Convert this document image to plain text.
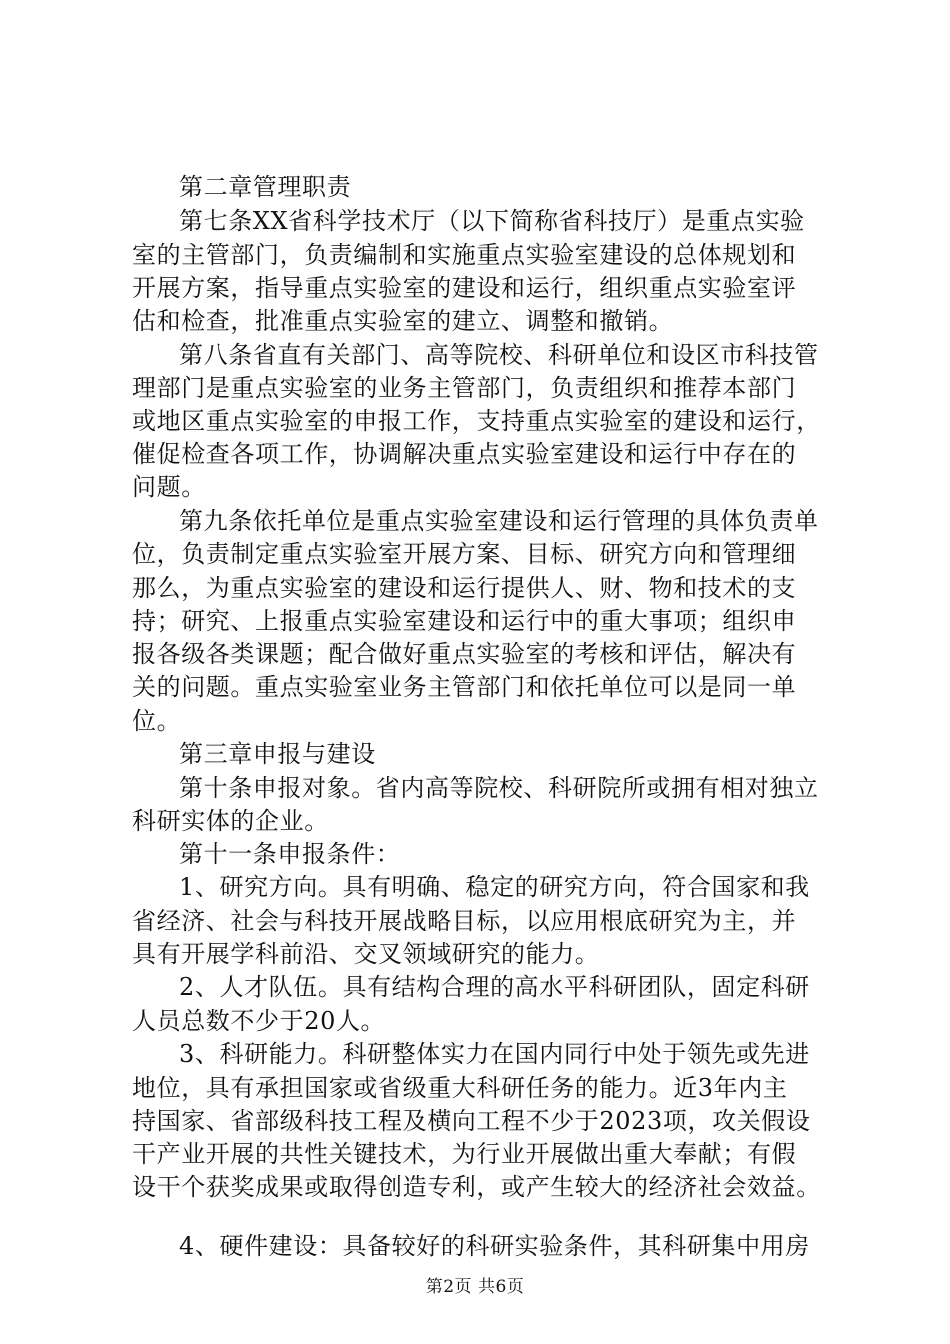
第二章管理职责
第七条XX省科学技术厅（以下简称省科技厅）是重点实验
室的主管部门，负责编制和实施重点实验室建设的总体规划和
开展方案，指导重点实验室的建设和运行，组织重点实验室评
估和检查，批准重点实验室的建立、调整和撤销。
第八条省直有关部门、高等院校、科研单位和设区市科技管
理部门是重点实验室的业务主管部门，负责组织和推荐本部门
或地区重点实验室的申报工作，支持重点实验室的建设和运行，
催促检查各项工作，协调解决重点实验室建设和运行中存在的
问题。
第九条依托单位是重点实验室建设和运行管理的具体负责单
位，负责制定重点实验室开展方案、目标、研究方向和管理细
那么，为重点实验室的建设和运行提供人、财、物和技术的支
持；研究、上报重点实验室建设和运行中的重大事项；组织申
报各级各类课题；配合做好重点实验室的考核和评估，解决有
关的问题。重点实验室业务主管部门和依托单位可以是同一单
位。
第三章申报与建设
第十条申报对象。省内高等院校、科研院所或拥有相对独立
科研实体的企业。
第十一条申报条件：
1、研究方向。具有明确、稳定的研究方向，符合国家和我
省经济、社会与科技开展战略目标，以应用根底研究为主，并
具有开展学科前沿、交叉领域研究的能力。
2、人才队伍。具有结构合理的高水平科研团队，固定科研
人员总数不少于20人。
3、科研能力。科研整体实力在国内同行中处于领先或先进
地位，具有承担国家或省级重大科研任务的能力。近3年内主
持国家、省部级科技工程及横向工程不少于2023项，攻关假设
干产业开展的共性关键技术，为行业开展做出重大奉献；有假
设干个获奖成果或取得创造专利，或产生较大的经济社会效益。
4、硬件建设：具备较好的科研实验条件，其科研集中用房
第2页 共6页
